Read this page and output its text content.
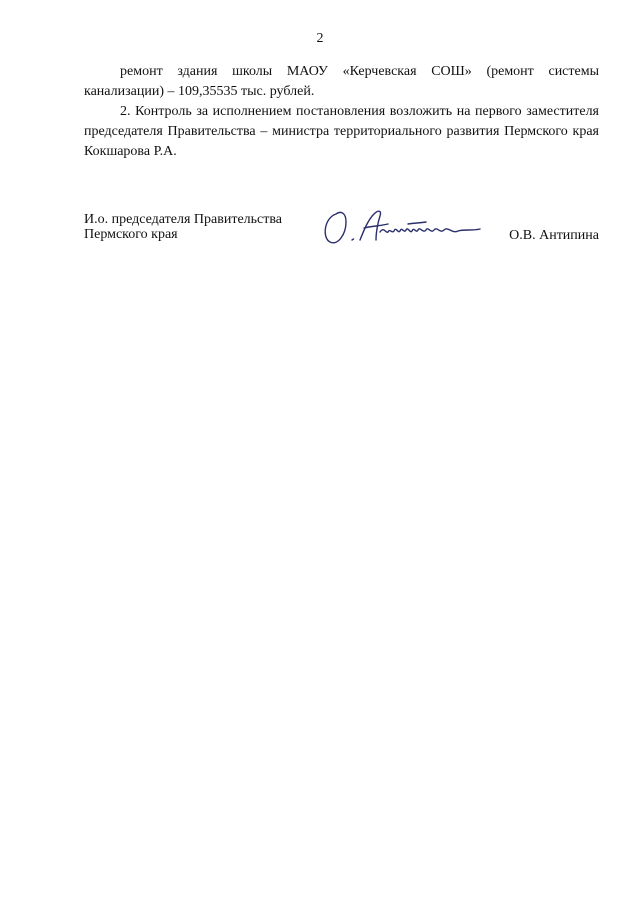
2

ремонт здания школы МАОУ «Керчевская СОШ» (ремонт системы канализации) – 109,35535 тыс. рублей.

2. Контроль за исполнением постановления возложить на первого заместителя председателя Правительства – министра территориального развития Пермского края Кокшарова Р.А.

И.о. председателя Правительства
Пермского края	О.В. Антипина
